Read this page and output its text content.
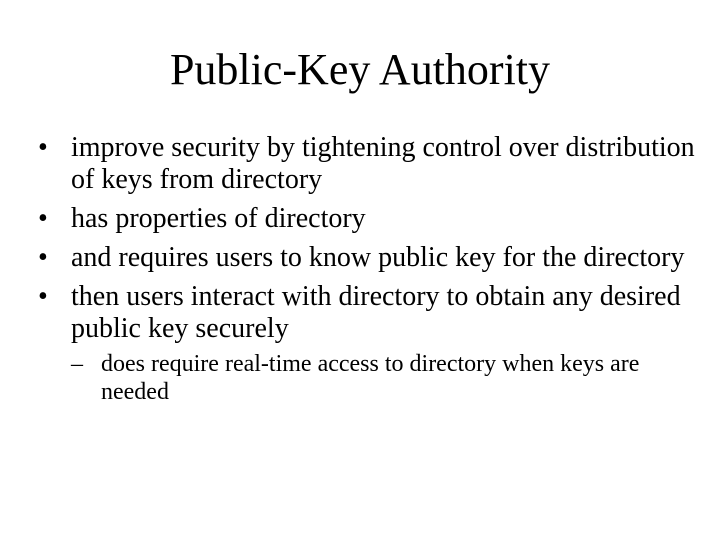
Public-Key Authority
• improve security by tightening control over distribution of keys from directory
• has properties of directory
• and requires users to know public key for the directory
• then users interact with directory to obtain any desired public key securely
– does require real-time access to directory when keys are needed
